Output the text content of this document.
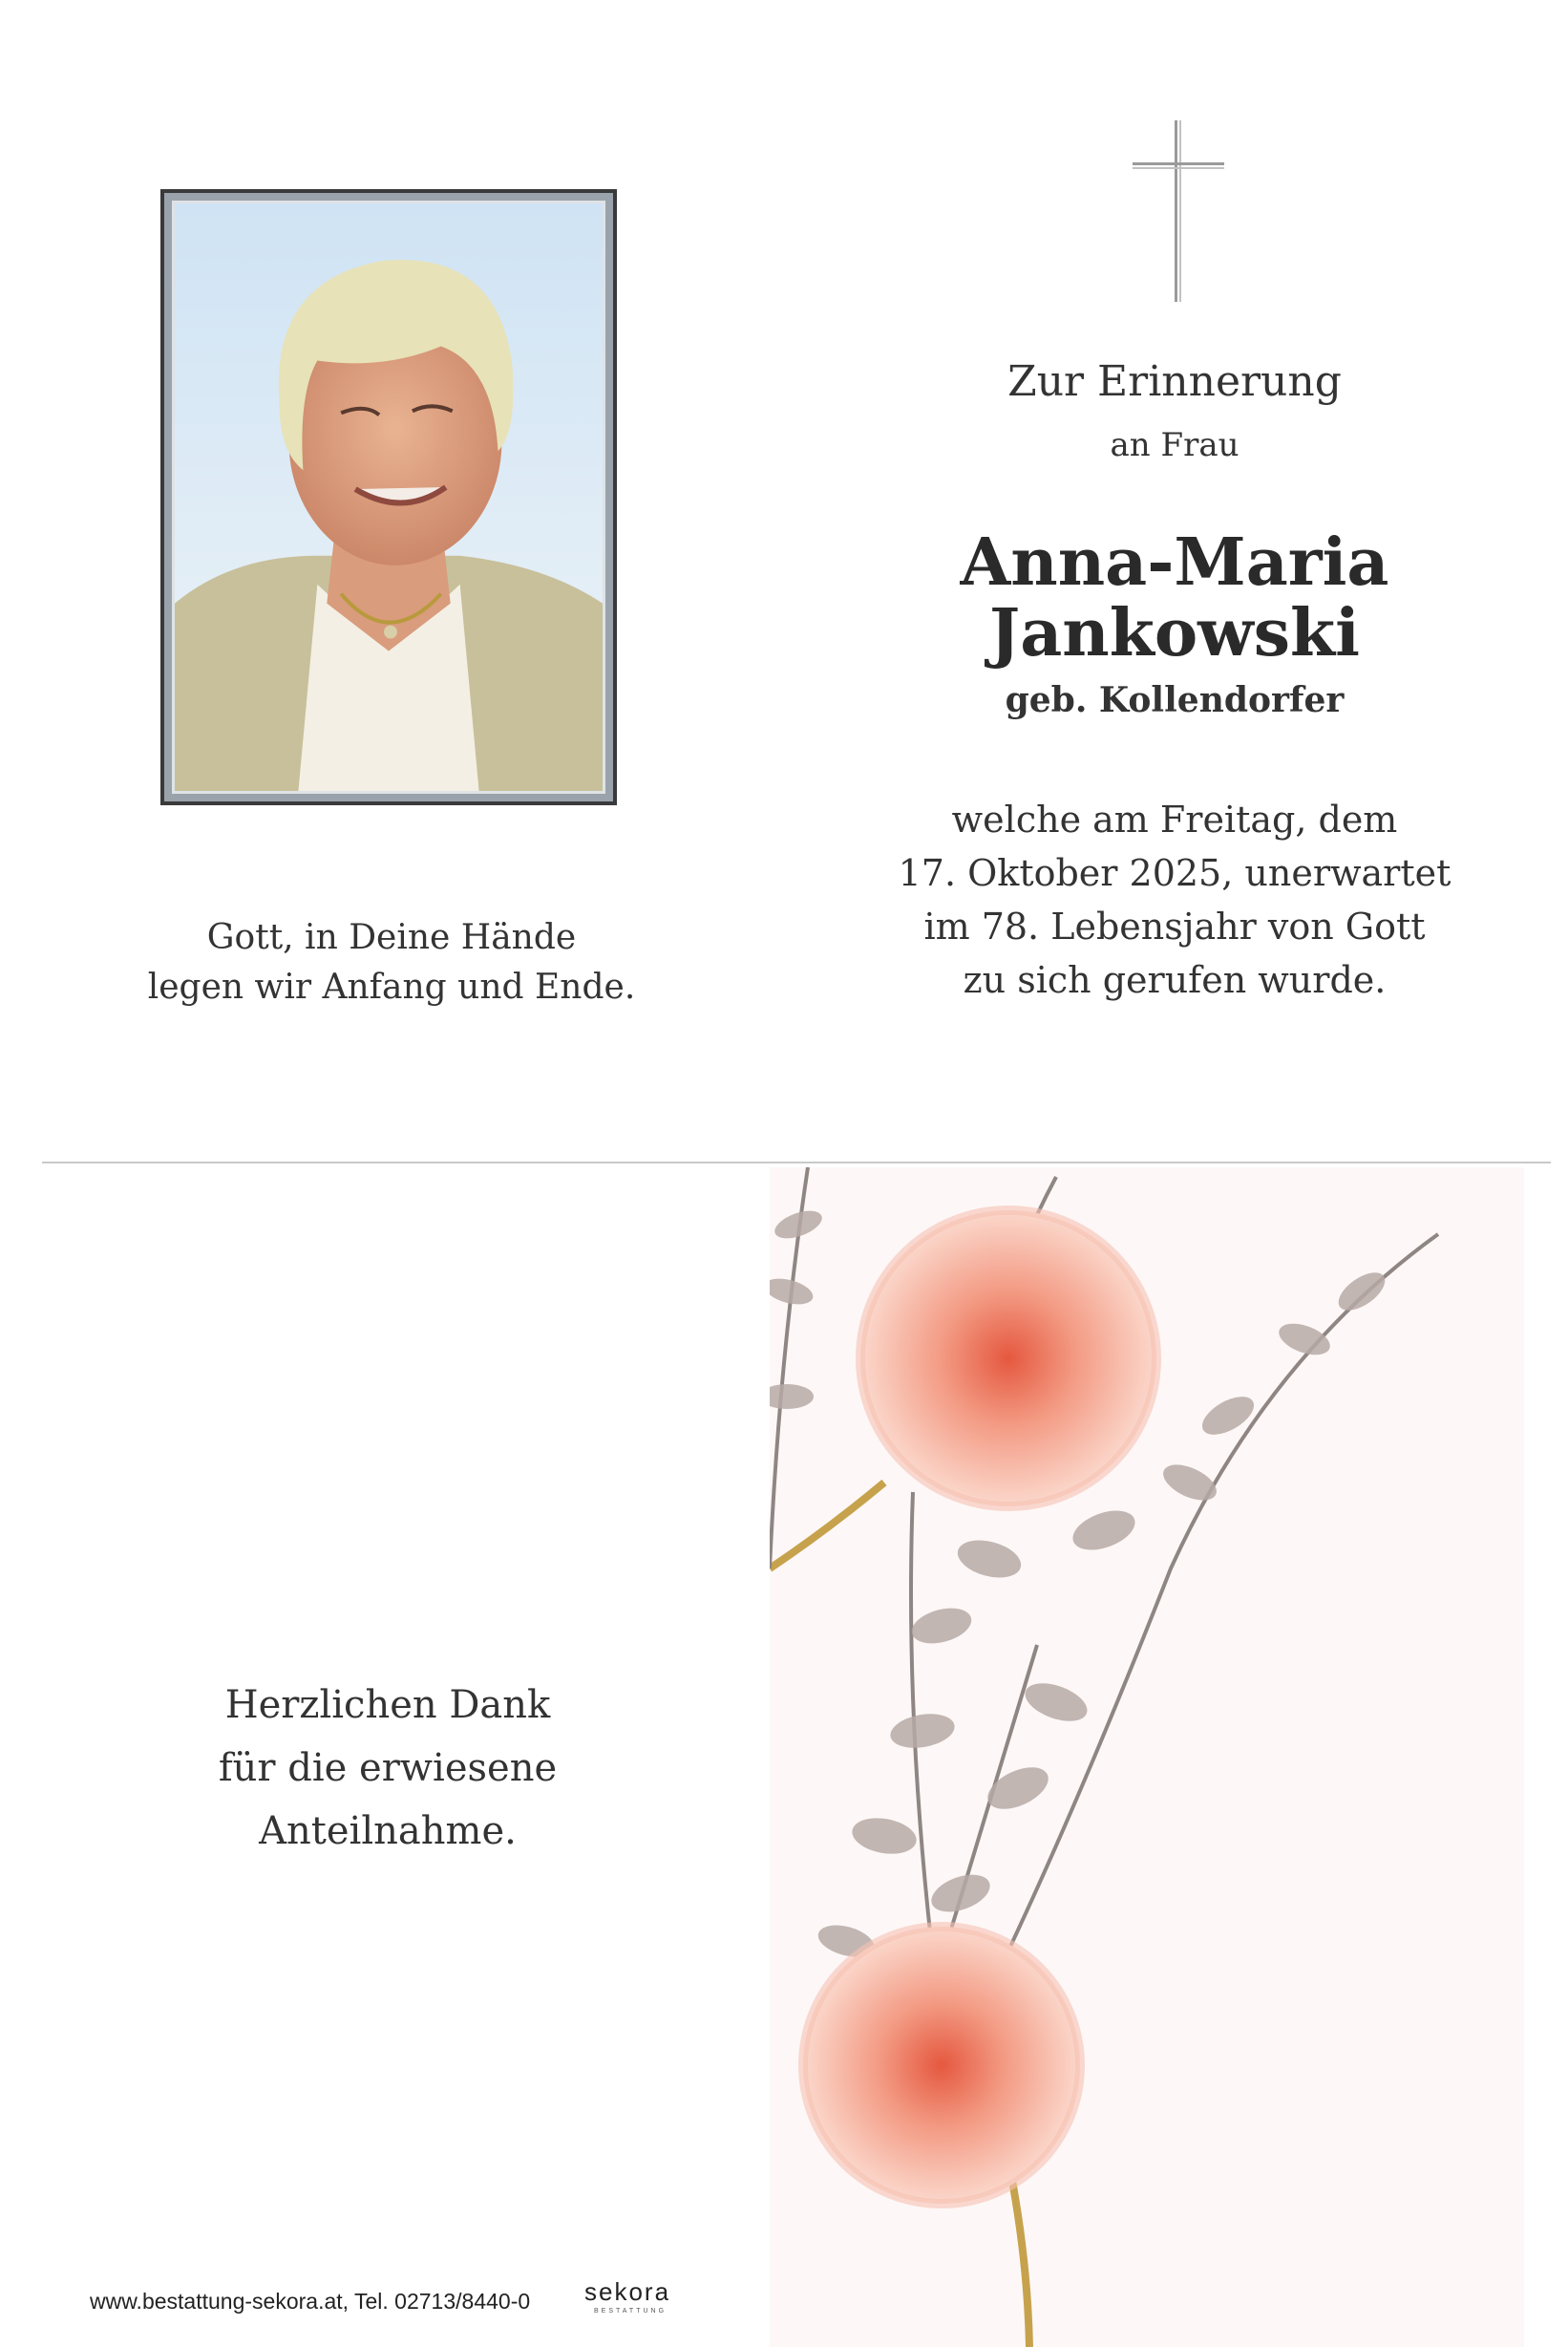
Zur Erinnerung
an Frau
Anna-Maria
Jankowski
geb. Kollendorfer
welche am Freitag, dem
17. Oktober 2025, unerwartet
im 78. Lebensjahr von Gott
zu sich gerufen wurde.
Gott, in Deine Hände
legen wir Anfang und Ende.
Herzlichen Dank
für die erwiesene
Anteilnahme.
www.bestattung-sekora.at, Tel. 02713/8440-0 sekora
BESTATTUNG
